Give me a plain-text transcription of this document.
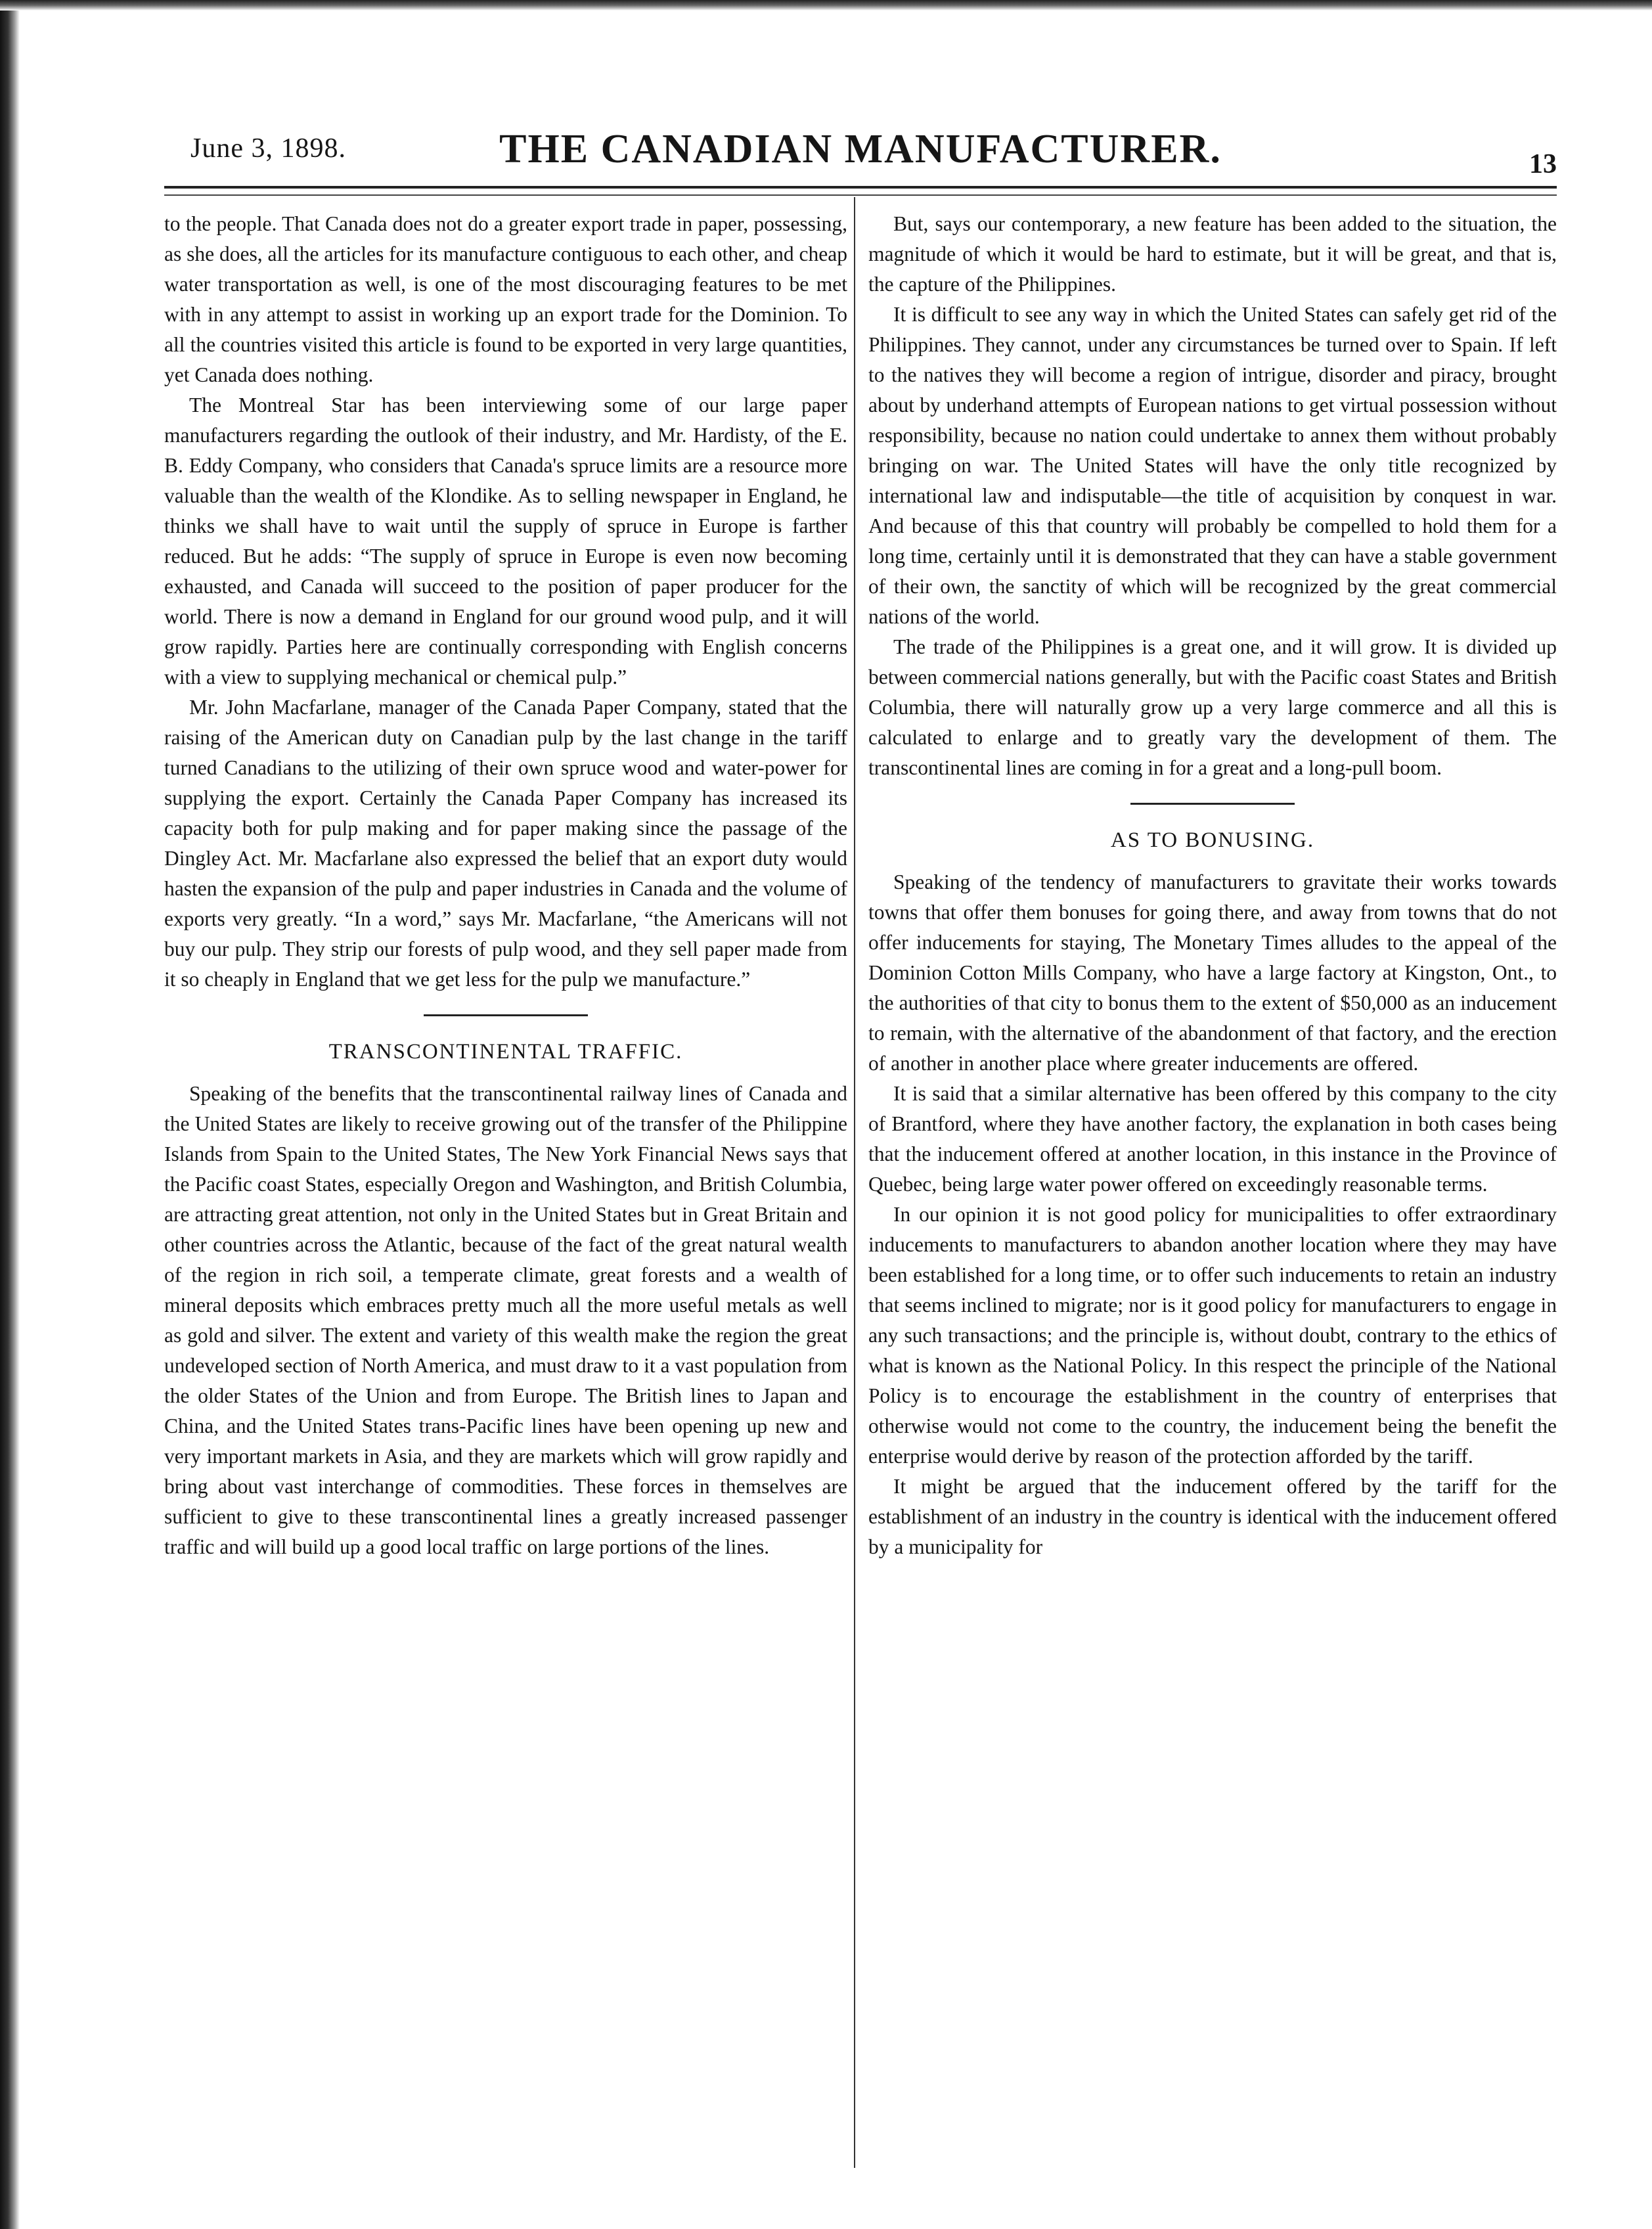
June 3, 1898.	THE CANADIAN MANUFACTURER.	13

to the people. That Canada does not do a greater export trade in paper, possessing, as she does, all the articles for its manufacture contiguous to each other, and cheap water transportation as well, is one of the most discouraging features to be met with in any attempt to assist in working up an export trade for the Dominion. To all the countries visited this article is found to be exported in very large quantities, yet Canada does nothing.

The Montreal Star has been interviewing some of our large paper manufacturers regarding the outlook of their industry, and Mr. Hardisty, of the E. B. Eddy Company, who considers that Canada's spruce limits are a resource more valuable than the wealth of the Klondike. As to selling newspaper in England, he thinks we shall have to wait until the supply of spruce in Europe is farther reduced. But he adds: “The supply of spruce in Europe is even now becoming exhausted, and Canada will succeed to the position of paper producer for the world. There is now a demand in England for our ground wood pulp, and it will grow rapidly. Parties here are continually corresponding with English concerns with a view to supplying mechanical or chemical pulp.”

Mr. John Macfarlane, manager of the Canada Paper Company, stated that the raising of the American duty on Canadian pulp by the last change in the tariff turned Canadians to the utilizing of their own spruce wood and water-power for supplying the export. Certainly the Canada Paper Company has increased its capacity both for pulp making and for paper making since the passage of the Dingley Act. Mr. Macfarlane also expressed the belief that an export duty would hasten the expansion of the pulp and paper industries in Canada and the volume of exports very greatly. “In a word,” says Mr. Macfarlane, “the Americans will not buy our pulp. They strip our forests of pulp wood, and they sell paper made from it so cheaply in England that we get less for the pulp we manufacture.”

TRANSCONTINENTAL TRAFFIC.

Speaking of the benefits that the transcontinental railway lines of Canada and the United States are likely to receive growing out of the transfer of the Philippine Islands from Spain to the United States, The New York Financial News says that the Pacific coast States, especially Oregon and Washington, and British Columbia, are attracting great attention, not only in the United States but in Great Britain and other countries across the Atlantic, because of the fact of the great natural wealth of the region in rich soil, a temperate climate, great forests and a wealth of mineral deposits which embraces pretty much all the more useful metals as well as gold and silver. The extent and variety of this wealth make the region the great undeveloped section of North America, and must draw to it a vast population from the older States of the Union and from Europe. The British lines to Japan and China, and the United States trans-Pacific lines have been opening up new and very important markets in Asia, and they are markets which will grow rapidly and bring about vast interchange of commodities. These forces in themselves are sufficient to give to these transcontinental lines a greatly increased passenger traffic and will build up a good local traffic on large portions of the lines.

But, says our contemporary, a new feature has been added to the situation, the magnitude of which it would be hard to estimate, but it will be great, and that is, the capture of the Philippines.

It is difficult to see any way in which the United States can safely get rid of the Philippines. They cannot, under any circumstances be turned over to Spain. If left to the natives they will become a region of intrigue, disorder and piracy, brought about by underhand attempts of European nations to get virtual possession without responsibility, because no nation could undertake to annex them without probably bringing on war. The United States will have the only title recognized by international law and indisputable—the title of acquisition by conquest in war. And because of this that country will probably be compelled to hold them for a long time, certainly until it is demonstrated that they can have a stable government of their own, the sanctity of which will be recognized by the great commercial nations of the world.

The trade of the Philippines is a great one, and it will grow. It is divided up between commercial nations generally, but with the Pacific coast States and British Columbia, there will naturally grow up a very large commerce and all this is calculated to enlarge and to greatly vary the development of them. The transcontinental lines are coming in for a great and a long-pull boom.

AS TO BONUSING.

Speaking of the tendency of manufacturers to gravitate their works towards towns that offer them bonuses for going there, and away from towns that do not offer inducements for staying, The Monetary Times alludes to the appeal of the Dominion Cotton Mills Company, who have a large factory at Kingston, Ont., to the authorities of that city to bonus them to the extent of $50,000 as an inducement to remain, with the alternative of the abandonment of that factory, and the erection of another in another place where greater inducements are offered.

It is said that a similar alternative has been offered by this company to the city of Brantford, where they have another factory, the explanation in both cases being that the inducement offered at another location, in this instance in the Province of Quebec, being large water power offered on exceedingly reasonable terms.

In our opinion it is not good policy for municipalities to offer extraordinary inducements to manufacturers to abandon another location where they may have been established for a long time, or to offer such inducements to retain an industry that seems inclined to migrate; nor is it good policy for manufacturers to engage in any such transactions; and the principle is, without doubt, contrary to the ethics of what is known as the National Policy. In this respect the principle of the National Policy is to encourage the establishment in the country of enterprises that otherwise would not come to the country, the inducement being the benefit the enterprise would derive by reason of the protection afforded by the tariff.

It might be argued that the inducement offered by the tariff for the establishment of an industry in the country is identical with the inducement offered by a municipality for
